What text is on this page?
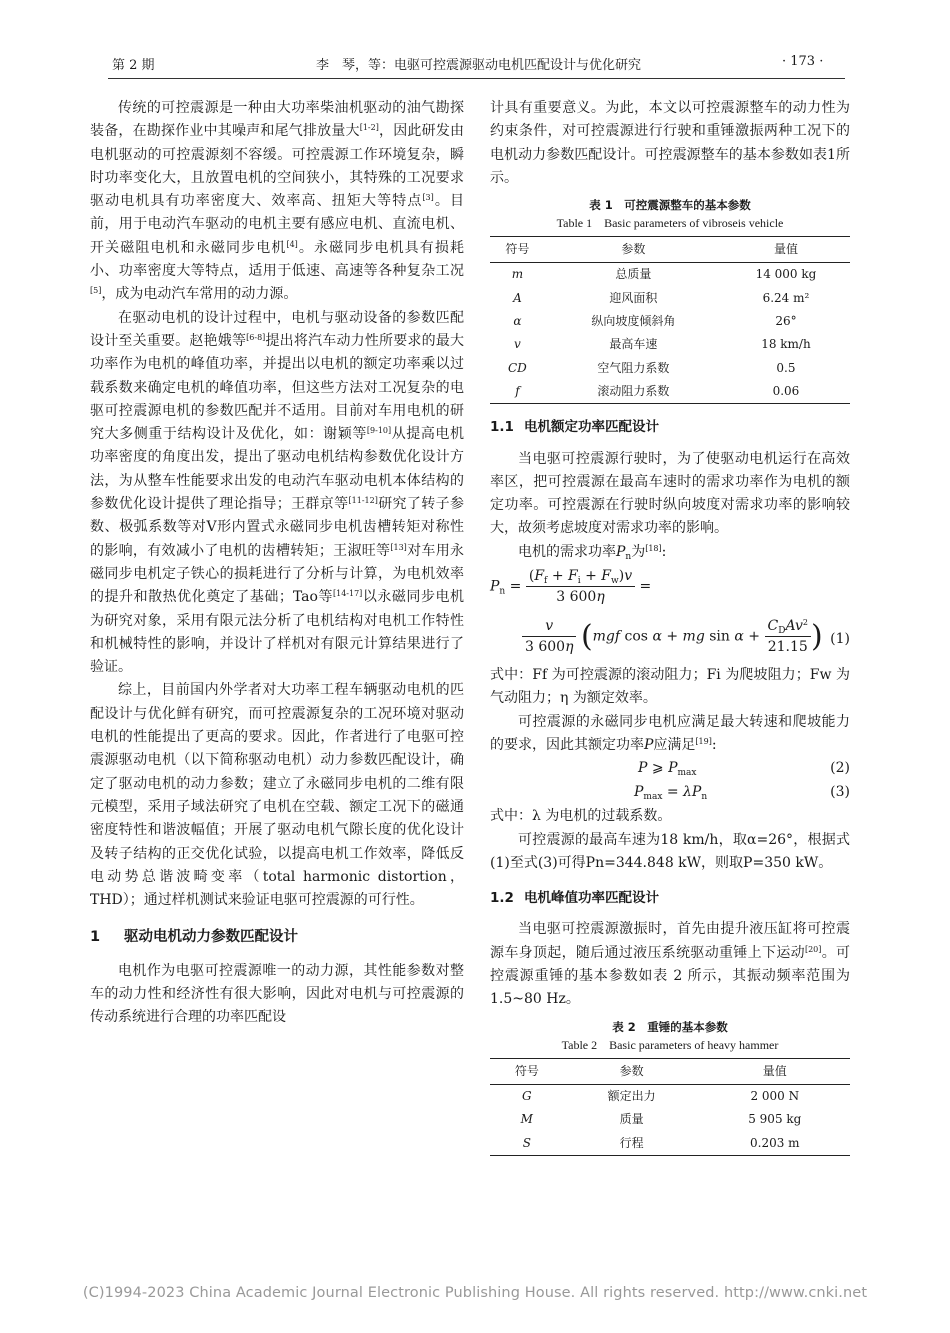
第 2 期	李　琴，等：电驱可控震源驱动电机匹配设计与优化研究	· 173 ·

传统的可控震源是一种由大功率柴油机驱动的油气勘探装备，在勘探作业中其噪声和尾气排放量大[1-2]，因此研发由电机驱动的可控震源刻不容缓。可控震源工作环境复杂，瞬时功率变化大，且放置电机的空间狭小，其特殊的工况要求驱动电机具有功率密度大、效率高、扭矩大等特点[3]。目前，用于电动汽车驱动的电机主要有感应电机、直流电机、开关磁阻电机和永磁同步电机[4]。永磁同步电机具有损耗小、功率密度大等特点，适用于低速、高速等各种复杂工况[5]，成为电动汽车常用的动力源。

在驱动电机的设计过程中，电机与驱动设备的参数匹配设计至关重要。赵艳娥等[6-8]提出将汽车动力性所要求的最大功率作为电机的峰值功率，并提出以电机的额定功率乘以过载系数来确定电机的峰值功率，但这些方法对工况复杂的电驱可控震源电机的参数匹配并不适用。目前对车用电机的研究大多侧重于结构设计及优化，如：谢颖等[9-10]从提高电机功率密度的角度出发，提出了驱动电机结构参数优化设计方法，为从整车性能要求出发的电动汽车驱动电机本体结构的参数优化设计提供了理论指导；王群京等[11-12]研究了转子参数、极弧系数等对V形内置式永磁同步电机齿槽转矩对称性的影响，有效减小了电机的齿槽转矩；王淑旺等[13]对车用永磁同步电机定子铁心的损耗进行了分析与计算，为电机效率的提升和散热优化奠定了基础；Tao等[14-17]以永磁同步电机为研究对象，采用有限元法分析了电机结构对电机工作特性和机械特性的影响，并设计了样机对有限元计算结果进行了验证。

综上，目前国内外学者对大功率工程车辆驱动电机的匹配设计与优化鲜有研究，而可控震源复杂的工况环境对驱动电机的性能提出了更高的要求。因此，作者进行了电驱可控震源驱动电机（以下简称驱动电机）动力参数匹配设计，确定了驱动电机的动力参数；建立了永磁同步电机的二维有限元模型，采用子域法研究了电机在空载、额定工况下的磁通密度特性和谐波幅值；开展了驱动电机气隙长度的优化设计及转子结构的正交优化试验，以提高电机工作效率，降低反电动势总谐波畸变率（total harmonic distortion，THD）；通过样机测试来验证电驱可控震源的可行性。

1 驱动电机动力参数匹配设计

电机作为电驱可控震源唯一的动力源，其性能参数对整车的动力性和经济性有很大影响，因此对电机与可控震源的传动系统进行合理的功率匹配设

计具有重要意义。为此，本文以可控震源整车的动力性为约束条件，对可控震源进行行驶和重锤激振两种工况下的电机动力参数匹配设计。可控震源整车的基本参数如表1所示。

表 1　可控震源整车的基本参数
Table 1　Basic parameters of vibroseis vehicle
符号	参数	量值
m	总质量	14 000 kg
A	迎风面积	6.24 m²
α	纵向坡度倾斜角	26°
v	最高车速	18 km/h
CD	空气阻力系数	0.5
f	滚动阻力系数	0.06
1.1 电机额定功率匹配设计

当电驱可控震源行驶时，为了使驱动电机运行在高效率区，把可控震源在最高车速时的需求功率作为电机的额定功率。可控震源在行驶时纵向坡度对需求功率的影响较大，故须考虑坡度对需求功率的影响。

电机的需求功率$P_n$为[18]:

$P_n = \frac{(F_f + F_i + F_w)v}{3 600\eta}$ =
$\frac{v}{3 600\eta} (mgf$ cos α + mg $\sin \alpha + \frac{C_DAv^2}{21.15}$ ) (1)

式中：Ff 为可控震源的滚动阻力；Fi 为爬坡阻力；Fw 为气动阻力；η 为额定效率。

可控震源的永磁同步电机应满足最大转速和爬坡能力的要求，因此其额定功率P应满足[19]:

P ⩾ $P_{max}$	(2)
$P_{max} = \lambda P_n$	(3)

式中：λ 为电机的过载系数。

可控震源的最高车速为18 km/h，取α=26°，根据式(1)至式(3)可得Pn=344.848 kW，则取P=350 kW。

1.2 电机峰值功率匹配设计

当电驱可控震源激振时，首先由提升液压缸将可控震源车身顶起，随后通过液压系统驱动重锤上下运动[20]。可控震源重锤的基本参数如表 2 所示，其振动频率范围为 1.5~80 Hz。

表 2　重锤的基本参数
Table 2　Basic parameters of heavy hammer
符号	参数	量值
G	额定出力	2 000 N
M	质量	5 905 kg
S	行程	0.203 m
(C)1994-2023 China Academic Journal Electronic Publishing House. All rights reserved. http://www.cnki.net
